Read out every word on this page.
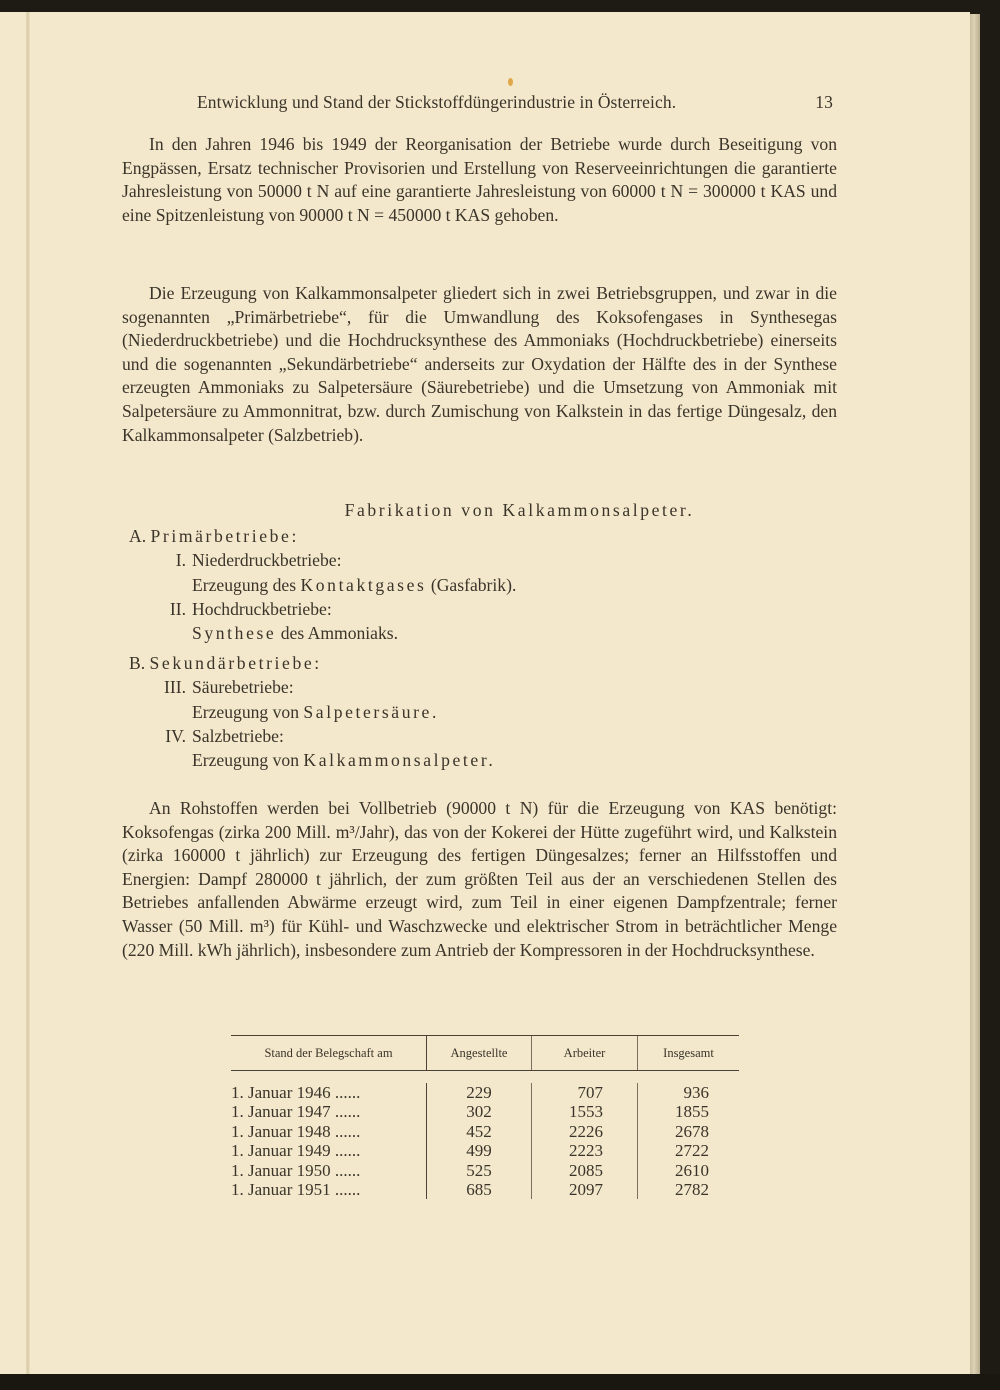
Entwicklung und Stand der Stickstoffdüngerindustrie in Österreich.	13
In den Jahren 1946 bis 1949 der Reorganisation der Betriebe wurde durch Beseitigung von Engpässen, Ersatz technischer Provisorien und Erstellung von Reserveeinrichtungen die garantierte Jahresleistung von 50000 t N auf eine garantierte Jahresleistung von 60000 t N = 300000 t KAS und eine Spitzenleistung von 90000 t N = 450000 t KAS gehoben.
Die Erzeugung von Kalkammonsalpeter gliedert sich in zwei Betriebsgruppen, und zwar in die sogenannten „Primärbetriebe“, für die Umwandlung des Koksofengases in Synthesegas (Niederdruckbetriebe) und die Hochdrucksynthese des Ammoniaks (Hochdruckbetriebe) einerseits und die sogenannten „Sekundärbetriebe“ anderseits zur Oxydation der Hälfte des in der Synthese erzeugten Ammoniaks zu Salpetersäure (Säurebetriebe) und die Umsetzung von Ammoniak mit Salpetersäure zu Ammonnitrat, bzw. durch Zumischung von Kalkstein in das fertige Düngesalz, den Kalkammonsalpeter (Salzbetrieb).
Fabrikation von Kalkammonsalpeter.
A. Primärbetriebe:
I. Niederdruckbetriebe:
Erzeugung des Kontaktgases (Gasfabrik).
II. Hochdruckbetriebe:
Synthese des Ammoniaks.
B. Sekundärbetriebe:
III. Säurebetriebe:
Erzeugung von Salpetersäure.
IV. Salzbetriebe:
Erzeugung von Kalkammonsalpeter.
An Rohstoffen werden bei Vollbetrieb (90000 t N) für die Erzeugung von KAS benötigt: Koksofengas (zirka 200 Mill. m³/Jahr), das von der Kokerei der Hütte zugeführt wird, und Kalkstein (zirka 160000 t jährlich) zur Erzeugung des fertigen Düngesalzes; ferner an Hilfsstoffen und Energien: Dampf 280000 t jährlich, der zum größten Teil aus der an verschiedenen Stellen des Betriebes anfallenden Abwärme erzeugt wird, zum Teil in einer eigenen Dampfzentrale; ferner Wasser (50 Mill. m³) für Kühl- und Waschzwecke und elektrischer Strom in beträchtlicher Menge (220 Mill. kWh jährlich), insbesondere zum Antrieb der Kompressoren in der Hochdrucksynthese.
Stand der Belegschaft am	Angestellte	Arbeiter	Insgesamt
1. Januar 1946 ......	229	707	936
1. Januar 1947 ......	302	1553	1855
1. Januar 1948 ......	452	2226	2678
1. Januar 1949 ......	499	2223	2722
1. Januar 1950 ......	525	2085	2610
1. Januar 1951 ......	685	2097	2782
